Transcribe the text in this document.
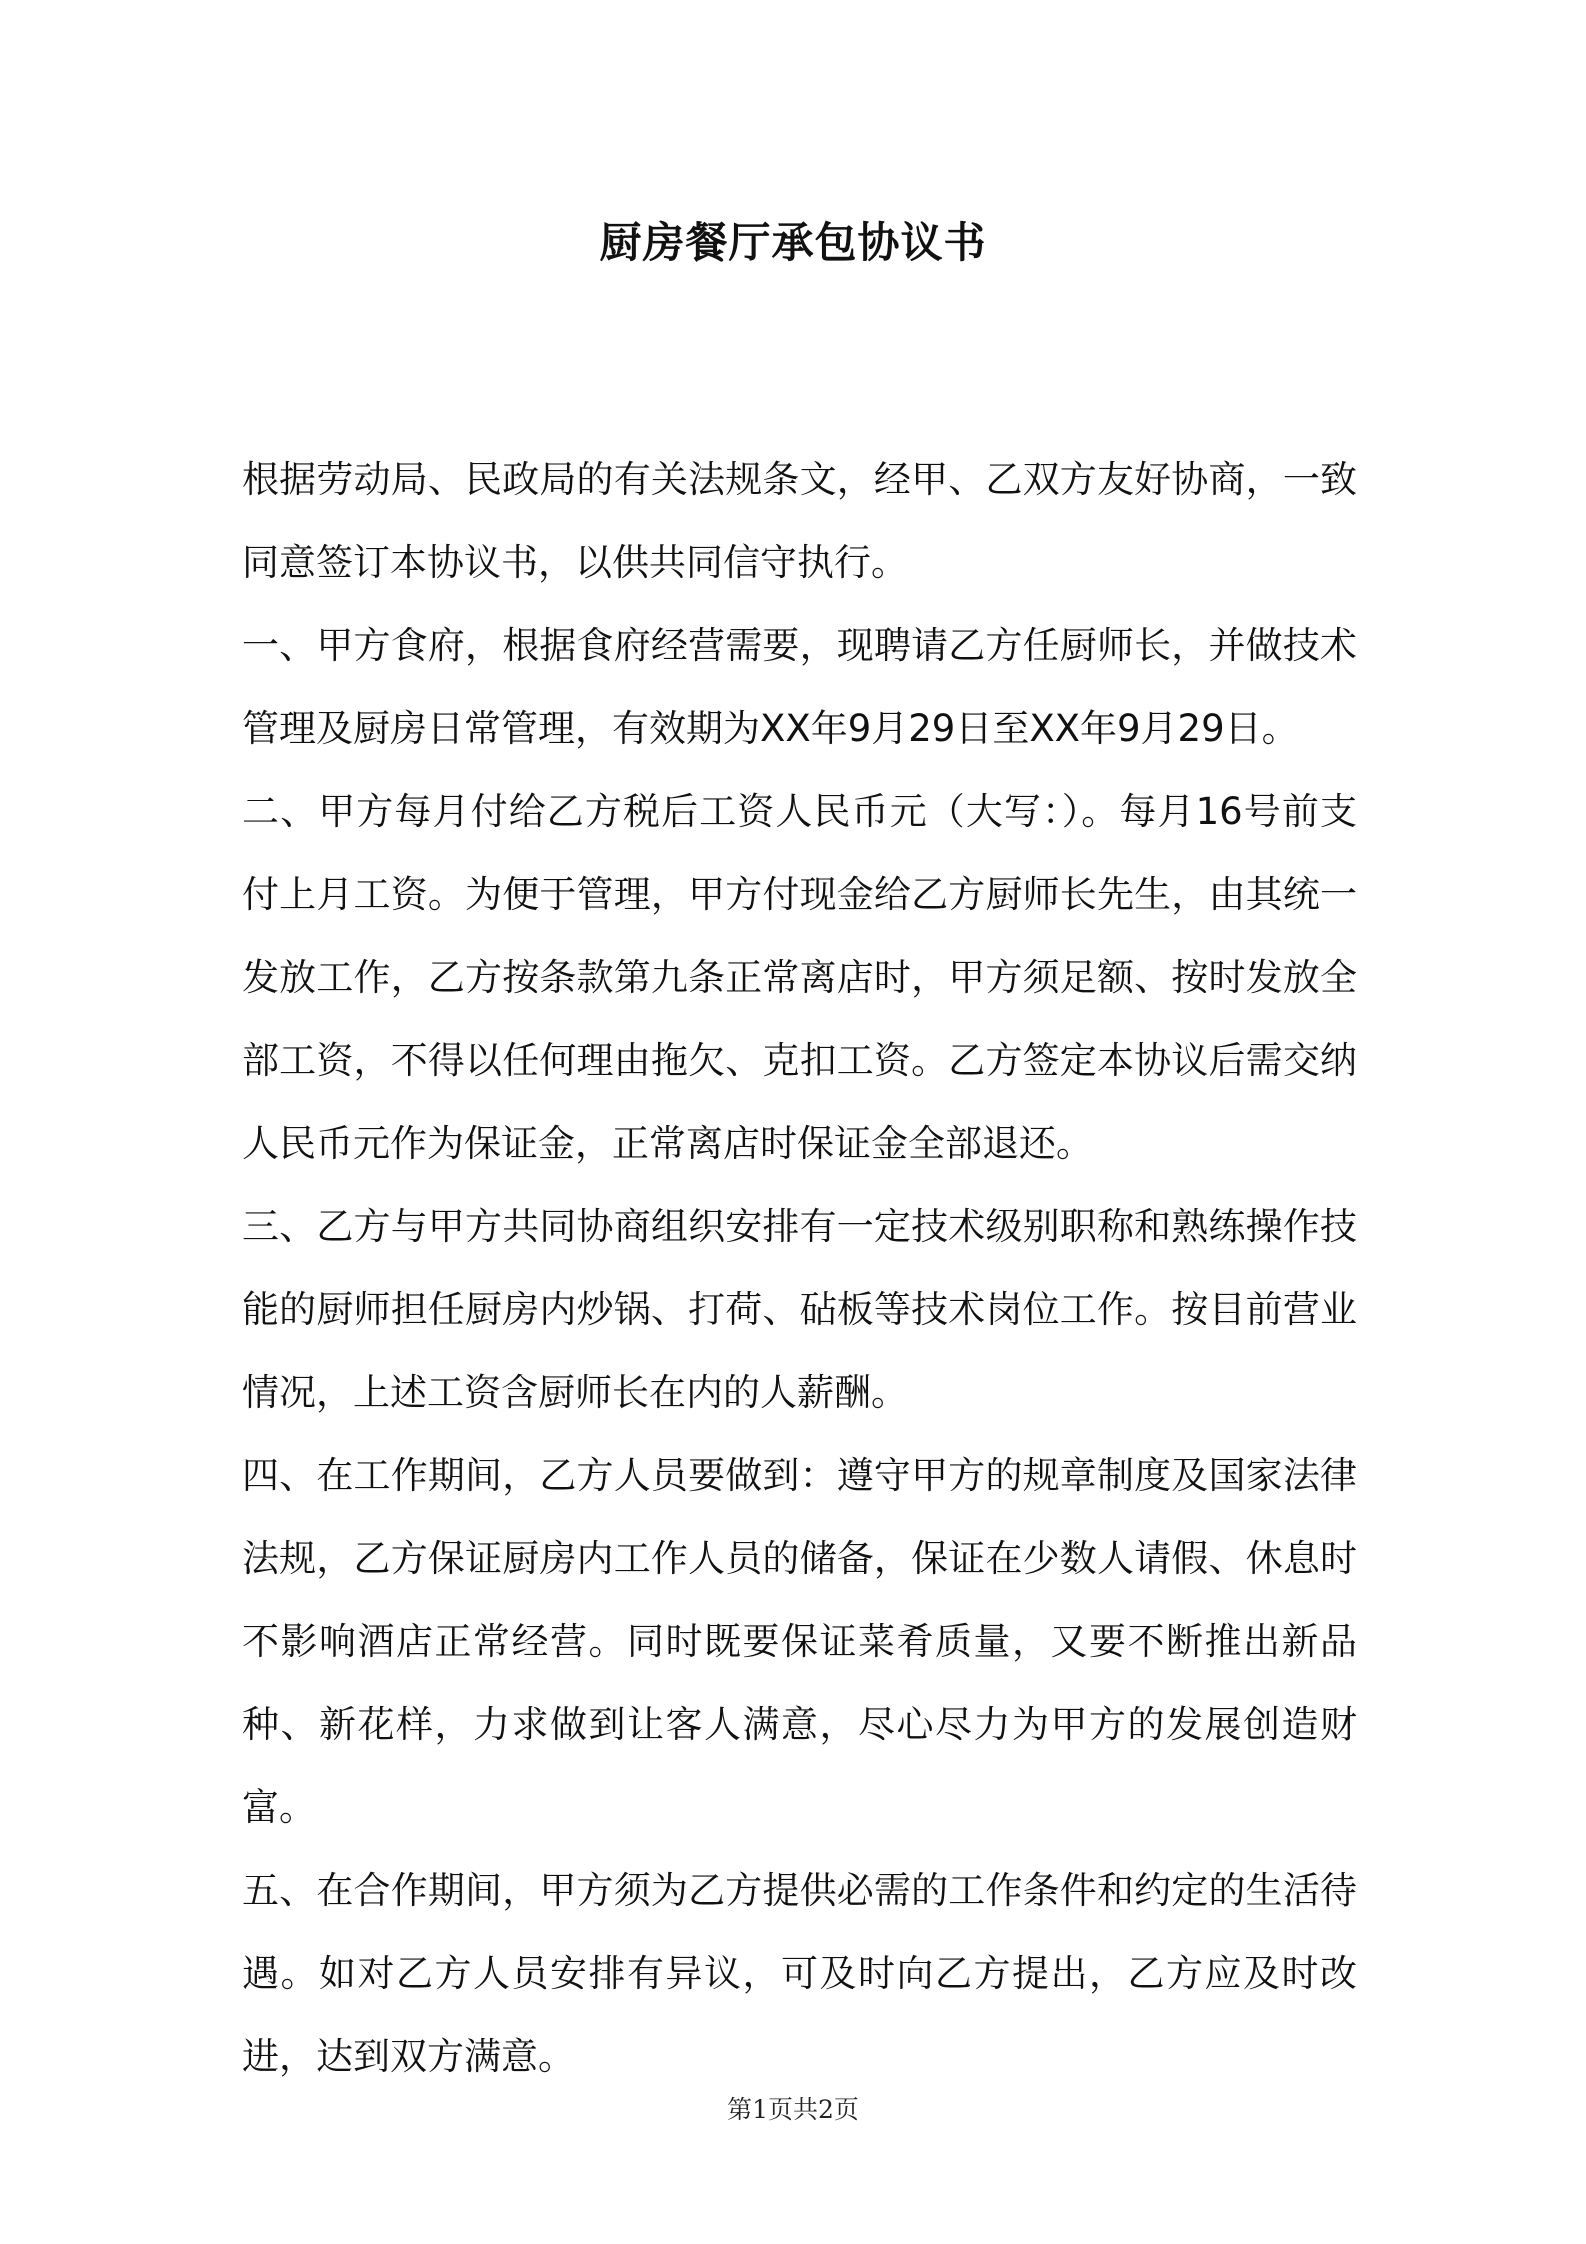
厨房餐厅承包协议书

根据劳动局、民政局的有关法规条文，经甲、乙双方友好协商，一致同意签订本协议书，以供共同信守执行。

一、甲方食府，根据食府经营需要，现聘请乙方任厨师长，并做技术管理及厨房日常管理，有效期为XX年9月29日至XX年9月29日。

二、甲方每月付给乙方税后工资人民币元（大写：）。每月16号前支付上月工资。为便于管理，甲方付现金给乙方厨师长先生，由其统一发放工作，乙方按条款第九条正常离店时，甲方须足额、按时发放全部工资，不得以任何理由拖欠、克扣工资。乙方签定本协议后需交纳人民币元作为保证金，正常离店时保证金全部退还。

三、乙方与甲方共同协商组织安排有一定技术级别职称和熟练操作技能的厨师担任厨房内炒锅、打荷、砧板等技术岗位工作。按目前营业情况，上述工资含厨师长在内的人薪酬。

四、在工作期间，乙方人员要做到：遵守甲方的规章制度及国家法律法规，乙方保证厨房内工作人员的储备，保证在少数人请假、休息时不影响酒店正常经营。同时既要保证菜肴质量，又要不断推出新品种、新花样，力求做到让客人满意，尽心尽力为甲方的发展创造财富。

五、在合作期间，甲方须为乙方提供必需的工作条件和约定的生活待遇。如对乙方人员安排有异议，可及时向乙方提出，乙方应及时改进，达到双方满意。

第1页共2页
